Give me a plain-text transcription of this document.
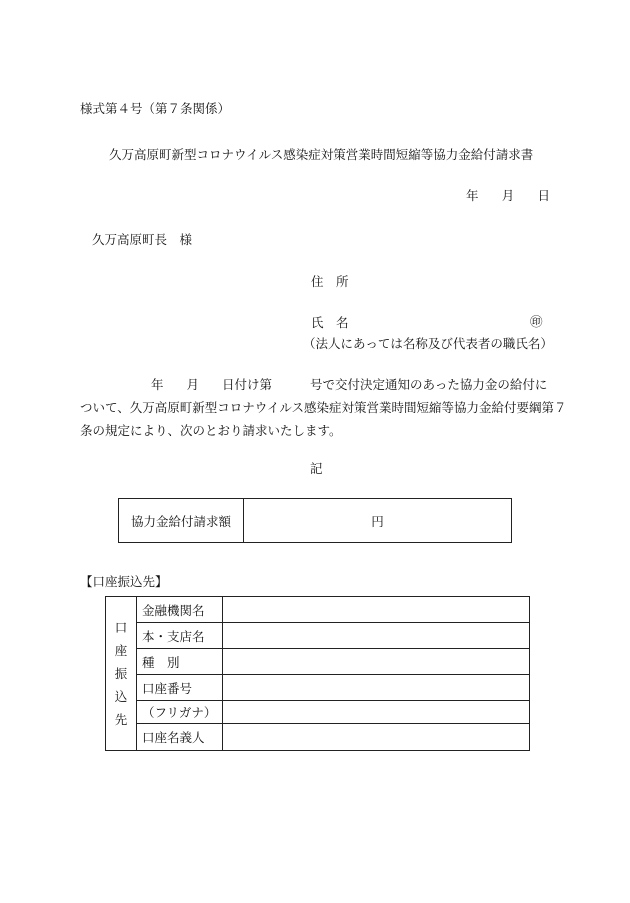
様式第４号（第７条関係）
久万高原町新型コロナウイルス感染症対策営業時間短縮等協力金給付請求書
年 月 日
久万高原町長　様
住　所
氏　名	㊞
（法人にあっては名称及び代表者の職氏名）
年 月 日付け第	号で交付決定通知のあった協力金の給付に
ついて、久万高原町新型コロナウイルス感染症対策営業時間短縮等協力金給付要綱第７
条の規定により、次のとおり請求いたします。
記
協力金給付請求額	円
【口座振込先】
口
座
振
込
先	金融機関名	
	本・支店名	
	種　別	
	口座番号	
	（フリガナ）	
	口座名義人	
